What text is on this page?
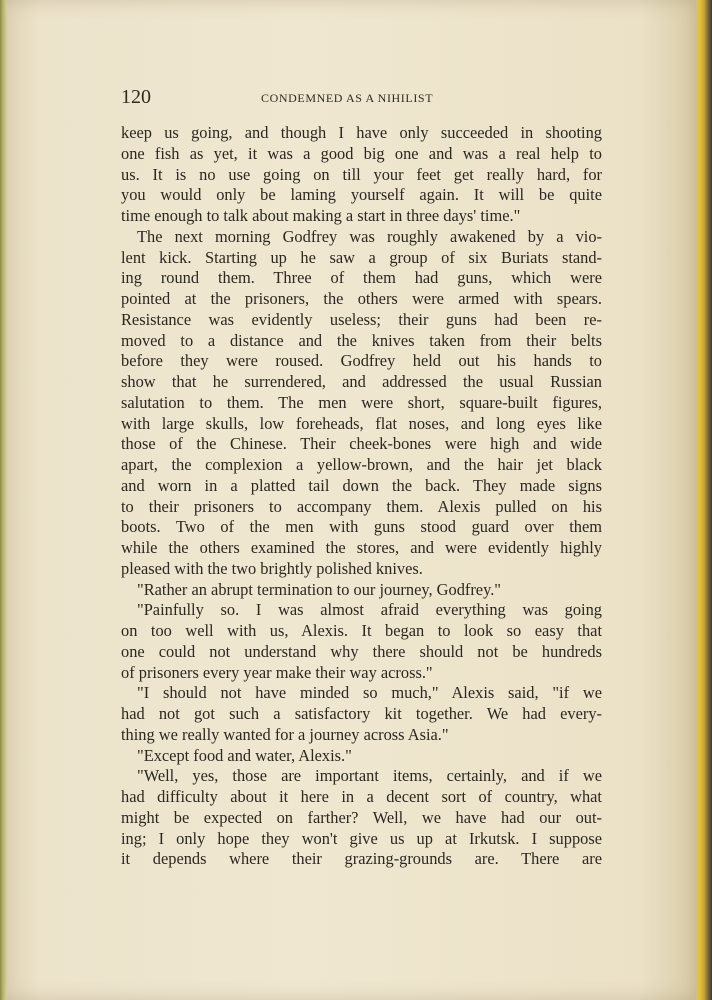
120	CONDEMNED AS A NIHILIST
keep us going, and though I have only succeeded in shooting
one fish as yet, it was a good big one and was a real help to
us. It is no use going on till your feet get really hard, for
you would only be laming yourself again. It will be quite
time enough to talk about making a start in three days' time."
The next morning Godfrey was roughly awakened by a vio-
lent kick. Starting up he saw a group of six Buriats stand-
ing round them. Three of them had guns, which were
pointed at the prisoners, the others were armed with spears.
Resistance was evidently useless; their guns had been re-
moved to a distance and the knives taken from their belts
before they were roused. Godfrey held out his hands to
show that he surrendered, and addressed the usual Russian
salutation to them. The men were short, square-built figures,
with large skulls, low foreheads, flat noses, and long eyes like
those of the Chinese. Their cheek-bones were high and wide
apart, the complexion a yellow-brown, and the hair jet black
and worn in a platted tail down the back. They made signs
to their prisoners to accompany them. Alexis pulled on his
boots. Two of the men with guns stood guard over them
while the others examined the stores, and were evidently highly
pleased with the two brightly polished knives.
"Rather an abrupt termination to our journey, Godfrey."
"Painfully so. I was almost afraid everything was going
on too well with us, Alexis. It began to look so easy that
one could not understand why there should not be hundreds
of prisoners every year make their way across."
"I should not have minded so much," Alexis said, "if we
had not got such a satisfactory kit together. We had every-
thing we really wanted for a journey across Asia."
"Except food and water, Alexis."
"Well, yes, those are important items, certainly, and if we
had difficulty about it here in a decent sort of country, what
might be expected on farther? Well, we have had our out-
ing; I only hope they won't give us up at Irkutsk. I suppose
it depends where their grazing-grounds are. There are
